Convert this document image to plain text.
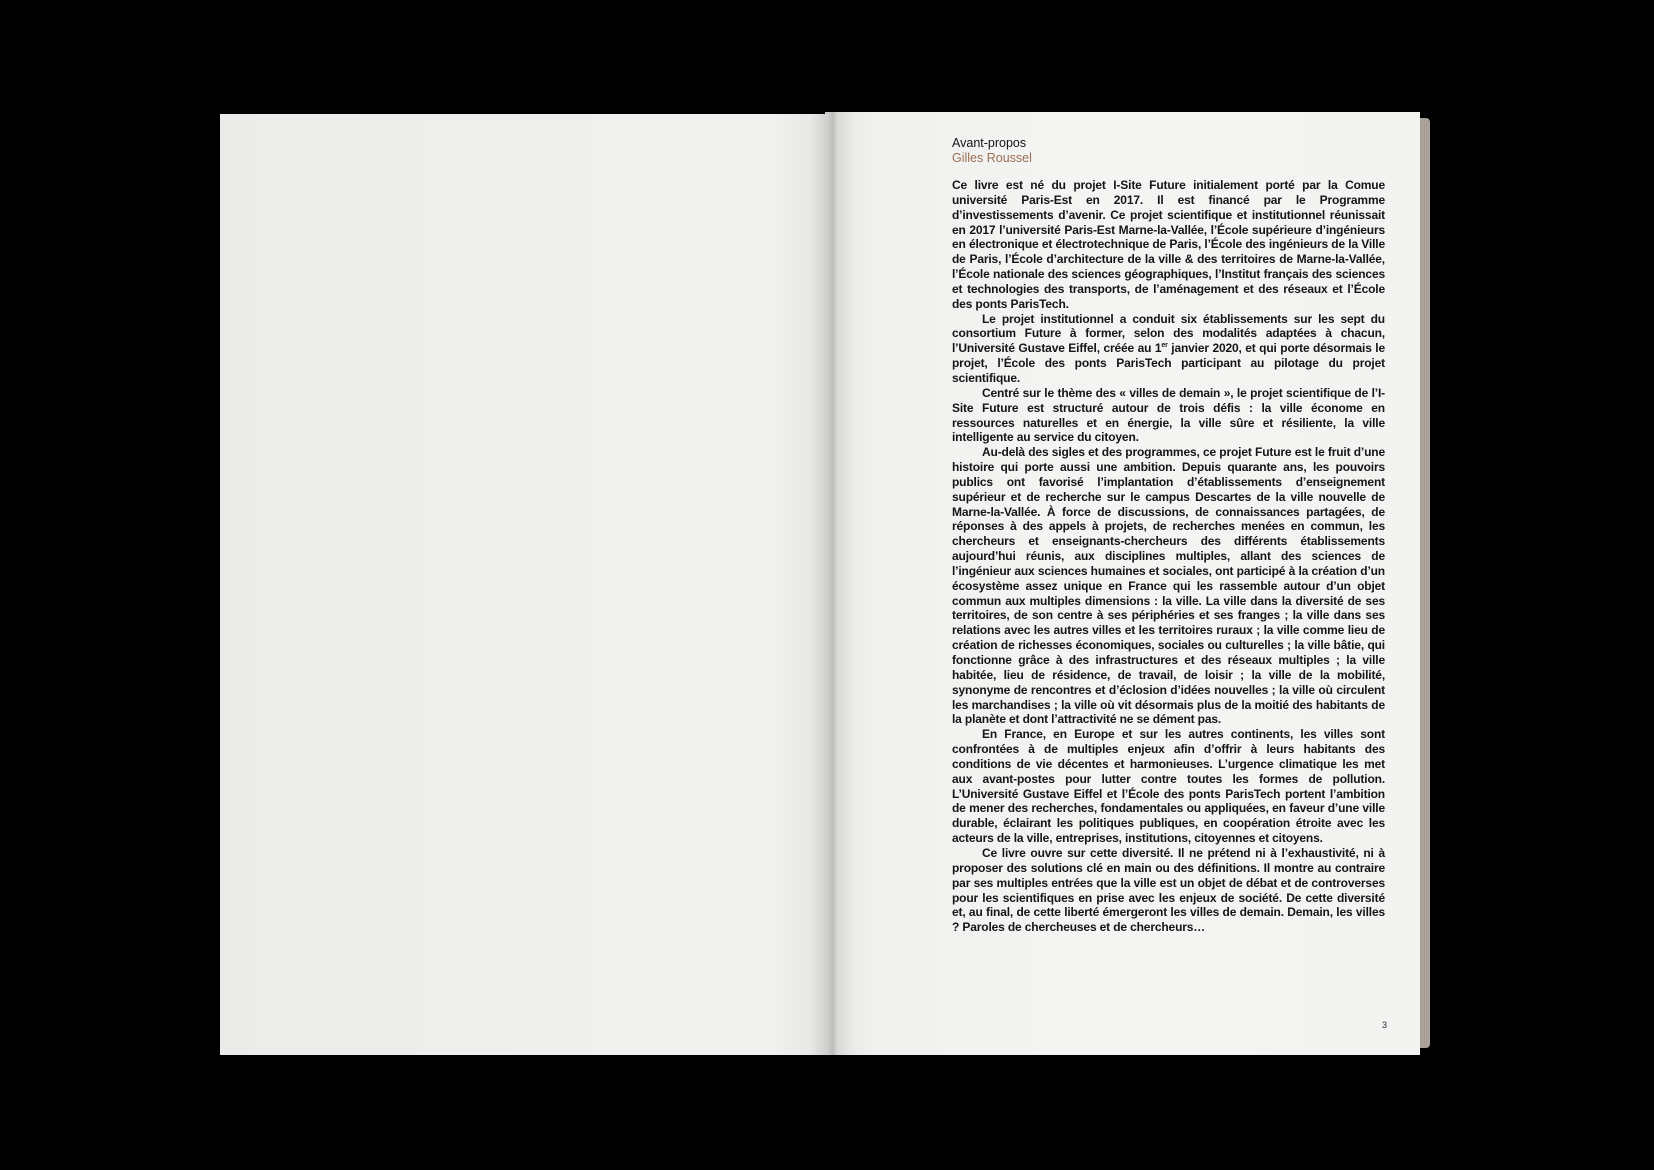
Avant-propos
Gilles Roussel

Ce livre est né du projet I-Site Future initialement porté par la Comue université Paris-Est en 2017. Il est financé par le Programme d’investissements d’avenir. Ce projet scientifique et institutionnel réunissait en 2017 l’université Paris-Est Marne-la-Vallée, l’École supérieure d’ingénieurs en électronique et électrotechnique de Paris, l’École des ingénieurs de la Ville de Paris, l’École d’architecture de la ville & des territoires de Marne-la-Vallée, l’École nationale des sciences géographiques, l’Institut français des sciences et technologies des transports, de l’aménagement et des réseaux et l’École des ponts ParisTech.

Le projet institutionnel a conduit six établissements sur les sept du consortium Future à former, selon des modalités adaptées à chacun, l’Université Gustave Eiffel, créée au 1er janvier 2020, et qui porte désormais le projet, l’École des ponts ParisTech participant au pilotage du projet scientifique.

Centré sur le thème des « villes de demain », le projet scientifique de l’I-Site Future est structuré autour de trois défis : la ville économe en ressources naturelles et en énergie, la ville sûre et résiliente, la ville intelligente au service du citoyen.

Au-delà des sigles et des programmes, ce projet Future est le fruit d’une histoire qui porte aussi une ambition. Depuis quarante ans, les pouvoirs publics ont favorisé l’implantation d’établissements d’enseignement supérieur et de recherche sur le campus Descartes de la ville nouvelle de Marne-la-Vallée. À force de discussions, de connaissances partagées, de réponses à des appels à projets, de recherches menées en commun, les chercheurs et enseignants-chercheurs des différents établissements aujourd’hui réunis, aux disciplines multiples, allant des sciences de l’ingénieur aux sciences humaines et sociales, ont participé à la création d’un écosystème assez unique en France qui les rassemble autour d’un objet commun aux multiples dimensions : la ville. La ville dans la diversité de ses territoires, de son centre à ses périphéries et ses franges ; la ville dans ses relations avec les autres villes et les territoires ruraux ; la ville comme lieu de création de richesses économiques, sociales ou culturelles ; la ville bâtie, qui fonctionne grâce à des infrastructures et des réseaux multiples ; la ville habitée, lieu de résidence, de travail, de loisir ; la ville de la mobilité, synonyme de rencontres et d’éclosion d’idées nouvelles ; la ville où circulent les marchandises ; la ville où vit désormais plus de la moitié des habitants de la planète et dont l’attractivité ne se dément pas.

En France, en Europe et sur les autres continents, les villes sont confrontées à de multiples enjeux afin d’offrir à leurs habitants des conditions de vie décentes et harmonieuses. L’urgence climatique les met aux avant-postes pour lutter contre toutes les formes de pollution. L’Université Gustave Eiffel et l’École des ponts ParisTech portent l’ambition de mener des recherches, fondamentales ou appliquées, en faveur d’une ville durable, éclairant les politiques publiques, en coopération étroite avec les acteurs de la ville, entreprises, institutions, citoyennes et citoyens.

Ce livre ouvre sur cette diversité. Il ne prétend ni à l’exhaustivité, ni à proposer des solutions clé en main ou des définitions. Il montre au contraire par ses multiples entrées que la ville est un objet de débat et de controverses pour les scientifiques en prise avec les enjeux de société. De cette diversité et, au final, de cette liberté émergeront les villes de demain. Demain, les villes ? Paroles de chercheuses et de chercheurs…

3
